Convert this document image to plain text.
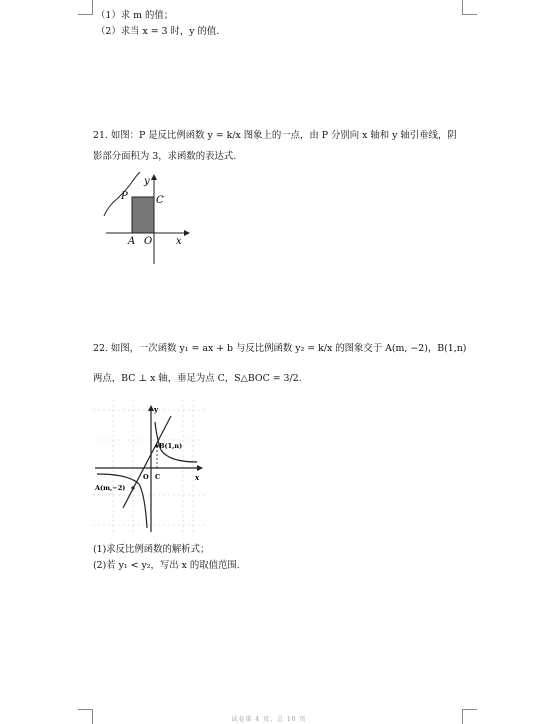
（1）求 m 的值；
（2）求当 x = 3 时，y 的值.
21. 如图：P 是反比例函数 y = k/x 图象上的一点，由 P 分别向 x 轴和 y 轴引垂线，阴
影部分面积为 3，求函数的表达式.
y
x
P	C
A O
22. 如图，一次函数 y₁ = ax + b 与反比例函数 y₂ = k/x 的图象交于 A(m, −2)，B(1,n)
两点，BC ⊥ x 轴，垂足为点 C，S△BOC = 3/2.
y
x
B(1,n)
A(m,−2)
O C
(1)求反比例函数的解析式；
(2)若 y₁ < y₂，写出 x 的取值范围.
试卷第 4 页，总 10 页
